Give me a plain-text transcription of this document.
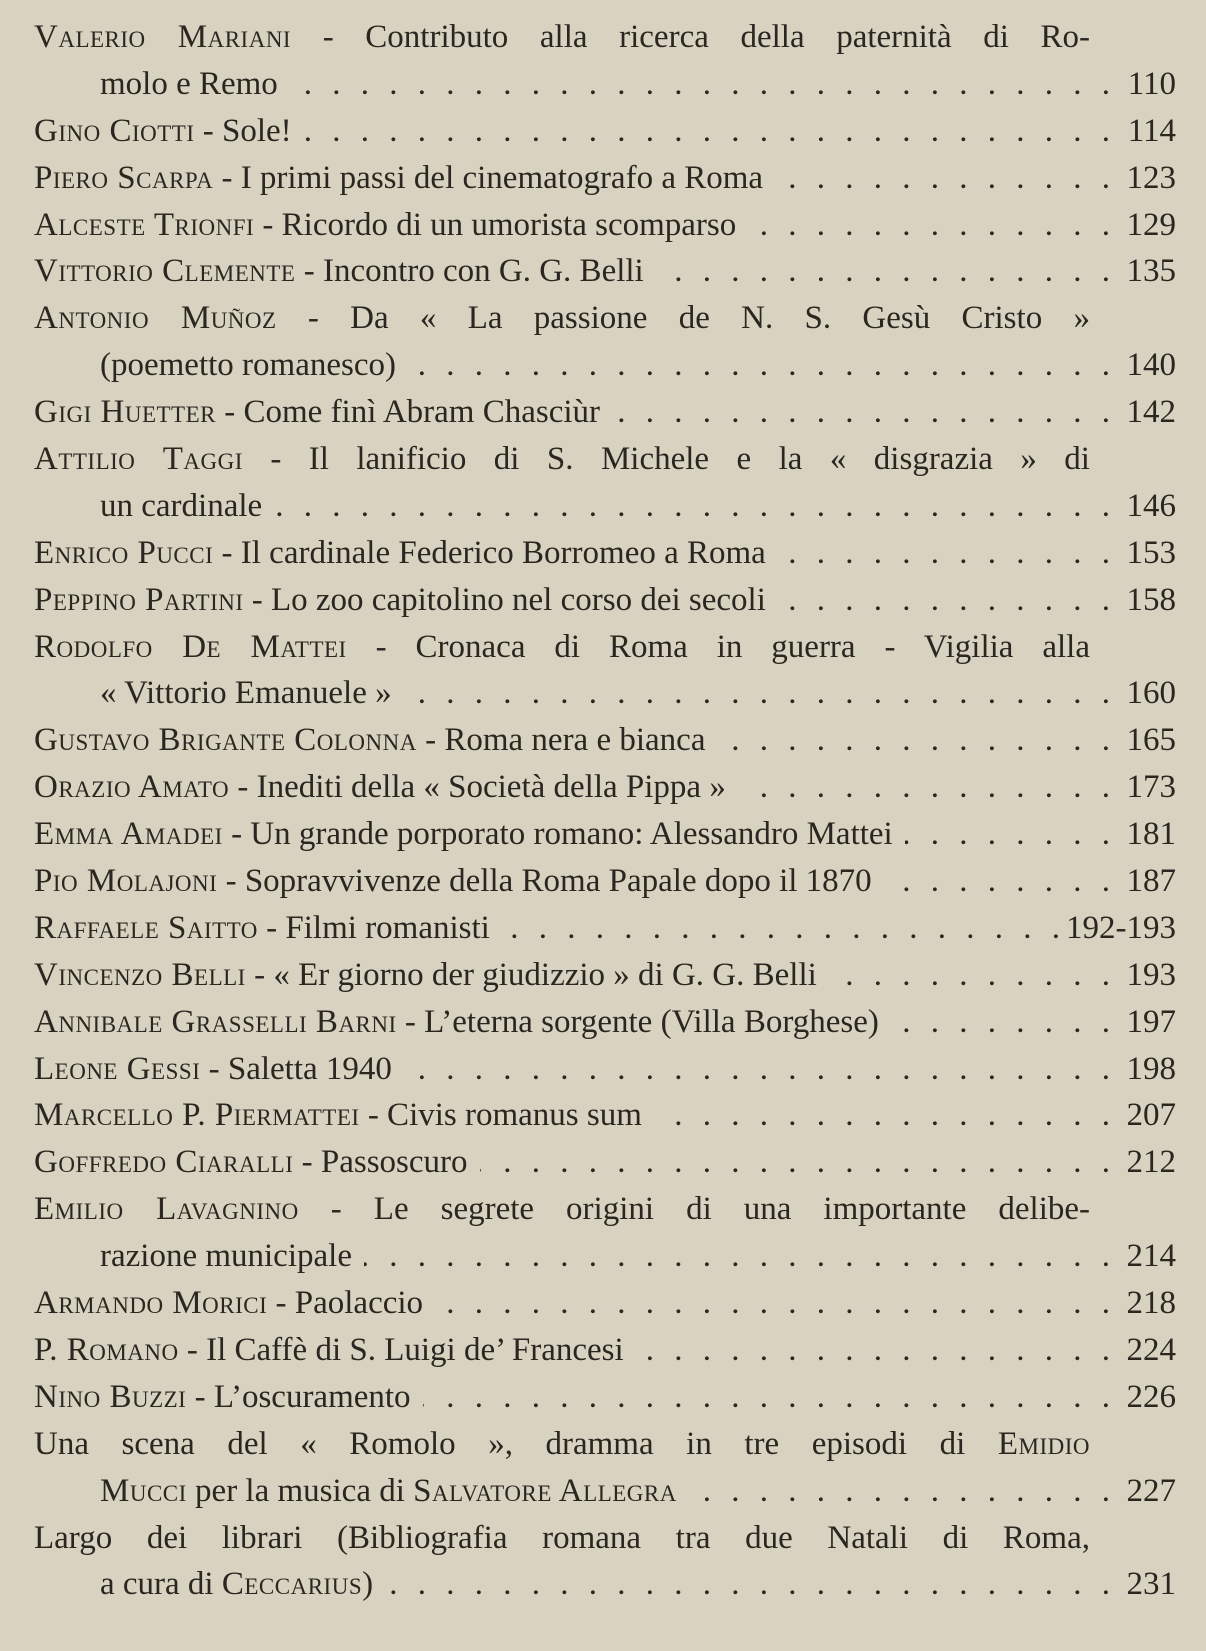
Valerio Mariani - Contributo alla ricerca della paternità di Ro-
molo e Remo . . .	110
Gino Ciotti - Sole! . . .	114
Piero Scarpa - I primi passi del cinematografo a Roma . . .	123
Alceste Trionfi - Ricordo di un umorista scomparso . . .	129
Vittorio Clemente - Incontro con G. G. Belli . . .	135
Antonio Muñoz - Da « La passione de N. S. Gesù Cristo »
(poemetto romanesco) . . .	140
Gigi Huetter - Come finì Abram Chasciùr . . .	142
Attilio Taggi - Il lanificio di S. Michele e la « disgrazia » di
un cardinale . . .	146
Enrico Pucci - Il cardinale Federico Borromeo a Roma . . .	153
Peppino Partini - Lo zoo capitolino nel corso dei secoli . . .	158
Rodolfo De Mattei - Cronaca di Roma in guerra - Vigilia alla
« Vittorio Emanuele » . . .	160
Gustavo Brigante Colonna - Roma nera e bianca . . .	165
Orazio Amato - Inediti della « Società della Pippa » . . .	173
Emma Amadei - Un grande porporato romano: Alessandro Mattei . . .	181
Pio Molajoni - Sopravvivenze della Roma Papale dopo il 1870 . . .	187
Raffaele Saitto - Filmi romanisti . . .	192-193
Vincenzo Belli - « Er giorno der giudizzio » di G. G. Belli . . .	193
Annibale Grasselli Barni - L’eterna sorgente (Villa Borghese) . . .	197
Leone Gessi - Saletta 1940 . . .	198
Marcello P. Piermattei - Civis romanus sum . . .	207
Goffredo Ciaralli - Passoscuro . . .	212
Emilio Lavagnino - Le segrete origini di una importante delibe-
razione municipale . . .	214
Armando Morici - Paolaccio . . .	218
P. Romano - Il Caffè di S. Luigi de’ Francesi . . .	224
Nino Buzzi - L’oscuramento . . .	226
Una scena del « Romolo », dramma in tre episodi di Emidio
Mucci per la musica di Salvatore Allegra . . .	227
Largo dei librari (Bibliografia romana tra due Natali di Roma,
a cura di Ceccarius) . . .	231
